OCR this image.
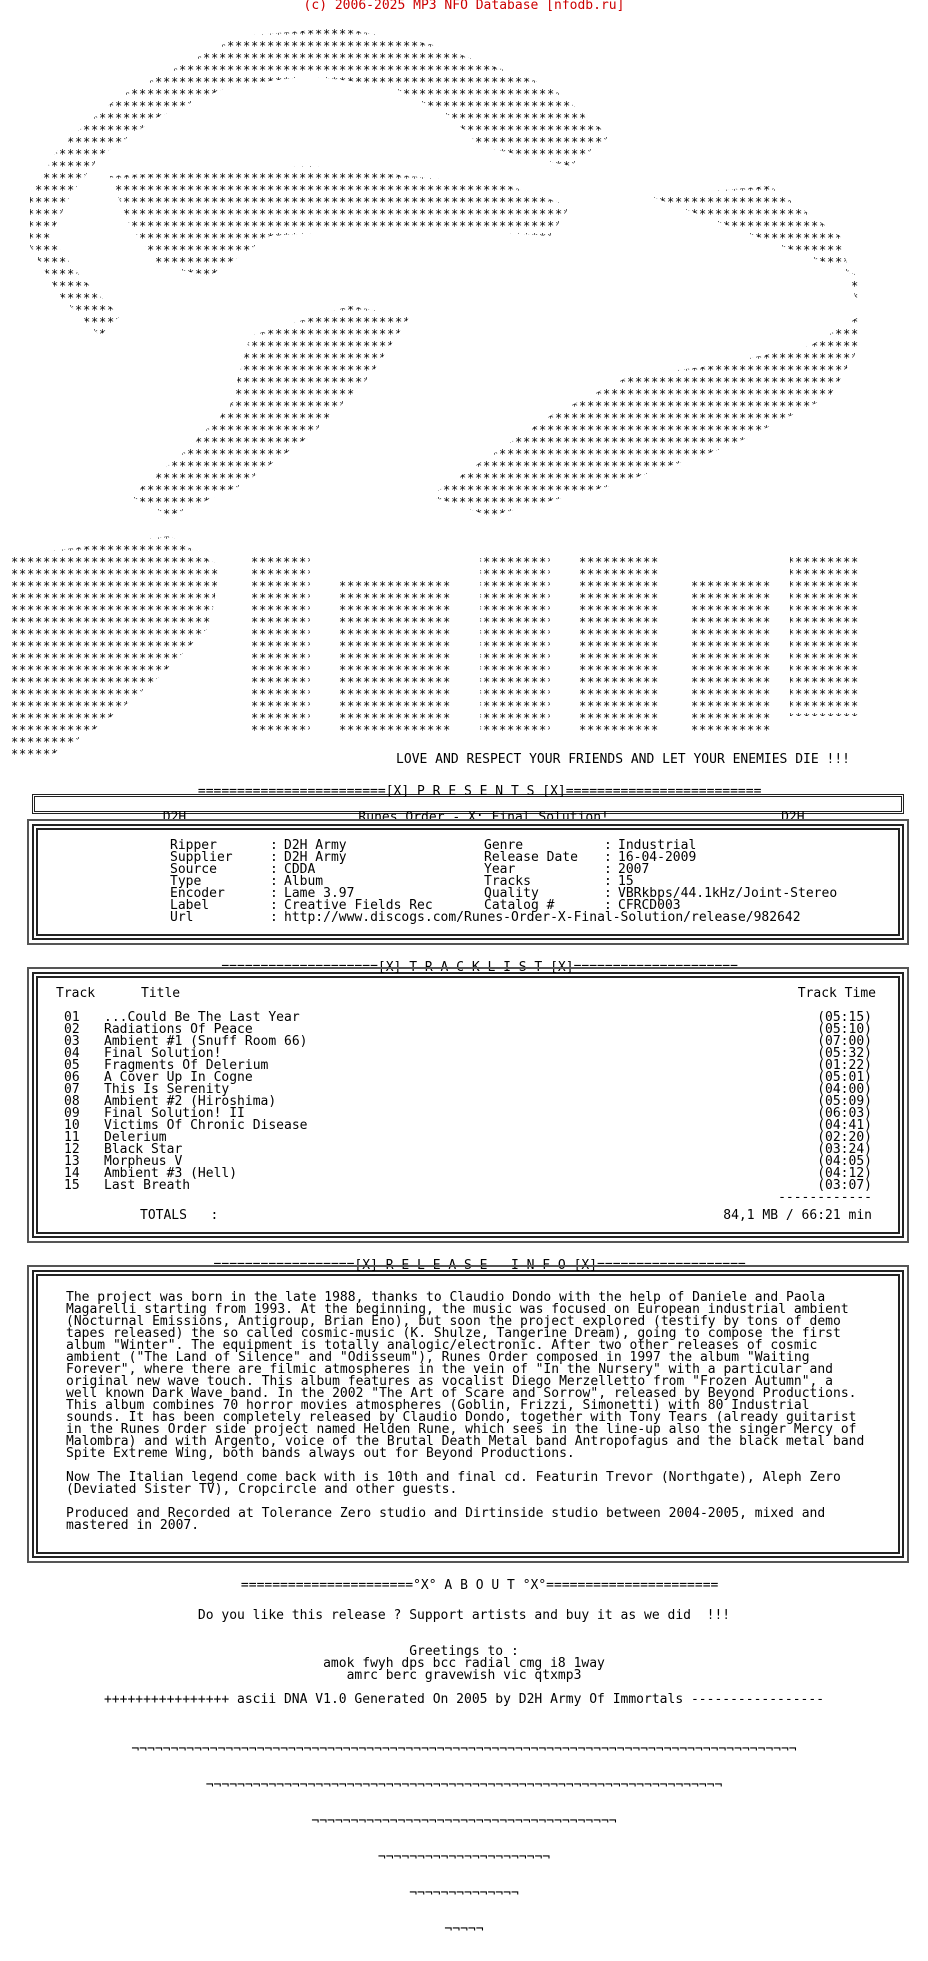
(c) 2006-2025 MP3 NFO Database [nfodb.ru]
LOVE AND RESPECT YOUR FRIENDS AND LET YOUR ENEMIES DIE !!!

========================[X] P R E S E N T S [X]=========================

D2H	Runes Order - X: Final Solution!	D2H

Ripper	: D2H Army	Genre	: Industrial
Supplier	: D2H Army	Release Date	: 16-04-2009
Source	: CDDA	Year	: 2007
Type	: Album	Tracks	: 15
Encoder	: Lame 3.97	Quality	: VBRkbps/44.1kHz/Joint-Stereo
Label	: Creative Fields Rec	Catalog #	: CFRCD003
Url	: http://www.discogs.com/Runes-Order-X-Final-Solution/release/982642

====================[X] T R A C K L I S T [X]=====================

Track	Title	Track Time
01	...Could Be The Last Year	(05:15)
02	Radiations Of Peace	(05:10)
03	Ambient #1 (Snuff Room 66)	(07:00)
04	Final Solution!	(05:32)
05	Fragments Of Delerium	(01:22)
06	A Cover Up In Cogne	(05:01)
07	This Is Serenity	(04:00)
08	Ambient #2 (Hiroshima)	(05:09)
09	Final Solution! II	(06:03)
10	Victims Of Chronic Disease	(04:41)
11	Delerium	(02:20)
12	Black Star	(03:24)
13	Morpheus V	(04:05)
14	Ambient #3 (Hell)	(04:12)
15	Last Breath	(03:07)
------------
TOTALS   :	84,1 MB / 66:21 min

==================[X] R E L E A S E   I N F O [X]===================

The project was born in the late 1988, thanks to Claudio Dondo with the help of Daniele and Paola Magarelli starting from 1993. At the beginning, the music was focused on European industrial ambient (Nocturnal Emissions, Antigroup, Brian Eno), but soon the project explored (testify by tons of demo tapes released) the so called cosmic-music (K. Shulze, Tangerine Dream), going to compose the first album "Winter". The equipment is totally analogic/electronic. After two other releases of cosmic ambient ("The Land of Silence" and "Odisseum"), Runes Order composed in 1997 the album "Waiting Forever", where there are filmic atmospheres in the vein of "In the Nursery" with a particular and original new wave touch. This album features as vocalist Diego Merzelletto from "Frozen Autumn", a well known Dark Wave band. In the 2002 "The Art of Scare and Sorrow", released by Beyond Productions. This album combines 70 horror movies atmospheres (Goblin, Frizzi, Simonetti) with 80 Industrial sounds. It has been completely released by Claudio Dondo, together with Tony Tears (already guitarist in the Runes Order side project named Helden Rune, which sees in the line-up also the singer Mercy of Malombra) and with Argento, voice of the Brutal Death Metal band Antropofagus and the black metal band Spite Extreme Wing, both bands always out for Beyond Productions.

Now The Italian legend come back with is 10th and final cd. Featurin Trevor (Northgate), Aleph Zero (Deviated Sister TV), Cropcircle and other guests.

Produced and Recorded at Tolerance Zero studio and Dirtinside studio between 2004-2005, mixed and mastered in 2007.

======================°X° A B O U T °X°======================

Do you like this release ? Support artists and buy it as we did  !!!
Greetings to :
amok fwyh dps bcc radial cmg i8 1way
amrc berc gravewish vic qtxmp3
++++++++++++++++ ascii DNA V1.0 Generated On 2005 by D2H Army Of Immortals -----------------

¬¬¬¬¬¬¬¬¬¬¬¬¬¬¬¬¬¬¬¬¬¬¬¬¬¬¬¬¬¬¬¬¬¬¬¬¬¬¬¬¬¬¬¬¬¬¬¬¬¬¬¬¬¬¬¬¬¬¬¬¬¬¬¬¬¬¬¬¬¬¬¬¬¬¬¬¬¬¬¬¬¬¬¬¬

¬¬¬¬¬¬¬¬¬¬¬¬¬¬¬¬¬¬¬¬¬¬¬¬¬¬¬¬¬¬¬¬¬¬¬¬¬¬¬¬¬¬¬¬¬¬¬¬¬¬¬¬¬¬¬¬¬¬¬¬¬¬¬¬¬¬

¬¬¬¬¬¬¬¬¬¬¬¬¬¬¬¬¬¬¬¬¬¬¬¬¬¬¬¬¬¬¬¬¬¬¬¬¬¬¬

¬¬¬¬¬¬¬¬¬¬¬¬¬¬¬¬¬¬¬¬¬¬

¬¬¬¬¬¬¬¬¬¬¬¬¬¬

¬¬¬¬¬
